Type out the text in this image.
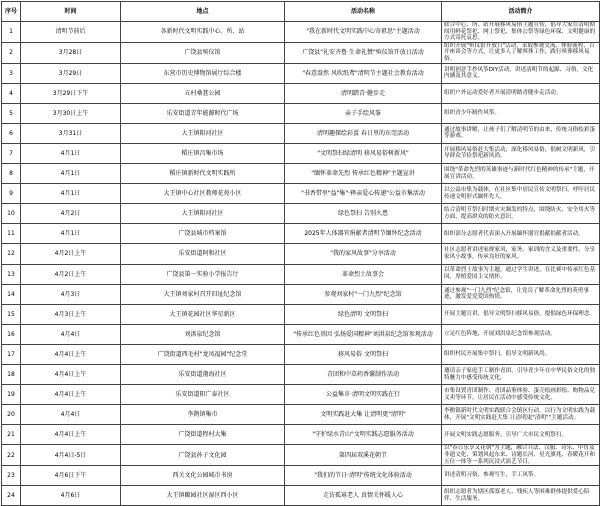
序号	时间	地点	活动名称	活动简介
1	清明节前后	各新时代文明实践中心、所、站	"我在新时代文明实践中心寄祖思"主题活动	联合中心、所、站开展移风易俗主题宣传，倡导大家在清明期间用鲜花祭祀、网上祭祀、集体公祭等绿色环保、文明健康的方式寄托哀思。
2	3月28日	广饶县殡仪馆	广饶县"礼安齐鲁 生命礼赞"殡仪馆开放日活动	组织开展"殡仪馆开放日"活动，采取参观交流、体验流程、召开座谈会等方式，让更多人了解殡葬工作，践行殡葬移风易俗。
3	3月29日	东营市历史博物馆展厅综合楼	"春意盎然 风吹纸鸢"清明节主题社会教育活动	讲明创意手抄风筝DIY活动，讲述清明节的起源、习俗，文化内涵及其意义。
4	3月29日下午	五村桑葚公园	清明踏青·健步走	组织户外运动爱好者开展清明踏青健步走活动。
5	3月30日上午	乐安街道青年能源时代广场	亲子手绘风筝	组织青少年制作风筝。
6	3月31日	大王镇阳河社区	清明趣探绘彩蛋 春日里的东莞活动	通过故事讲解，让孩子们了解清明节的由来，传统习俗绘彩蛋等游戏。
7	4月1日	稻庄镇昌集市场	"文明祭扫绿清明 移风易俗树新风"	开展移风易俗赶大集活动，深化移风易俗，倡树文明新风，引导群众节俭祭祀新风尚。
8	4月1日	稻庄镇新时代文明实践所	"缅怀革命先烈 传承红色精神"主题宣讲	围绕"革命先烈的英雄事迹与新时代红色精神的传承"主题，开展宣讲活动。
9	4月1日	大王镇中心社区教师花苑小区	"书香带里"益"集"·释亲爱心传递"公益市集活动	以公益市集为载体，在社区集中居民宣传文明祭扫，呼吁居民传递文明形式缅怀先人。
10	4月2日	大王镇阳河社区	绿色祭扫 告别火患	结合清明节祭扫时期火灾频发的特点，围绕防火、安全用火等方面，提高群众的防火意识。
11	4月1日	广饶县城市档案馆	2025年人体器官捐献者清明节缅怀纪念活动	组织部分志愿者代表深入开展缅怀器官捐献捐献者活动。
12	4月2日上午	乐安街道阿和社区	"我的家风故事"分享活动	社区志愿者讲述家规家风，家务、家训的含义及重要性，分享家风小故事，传承良好的家风。
13	4月2日上午	广饶县第一实验小学报告厅	革命烈士故事会	以革命烈士故事为主题，通过学生讲述，在比赛中传承红色基因，厚植爱国主义情怀。
14	4月3日	大王镇刘家村召开旧址纪念馆	参观刘家村"一门九烈"纪念馆	通过参观"一门九烈"纪念馆，让党员了解革命先烈的英勇事迹，激发爱党爱国热情。
15	4月3日上午	大王镇花园社区华星新区	绿色清明 文明祭扫	开展主题宣讲，倡导文明祭扫移风易俗，提倡绿色环保理念。
16	4月4日	刘洪泉纪念馆	"传承红色基因 弘扬爱国精神"刘洪泉纪念馆参观活动	立足红色阵地，开展刘洪泉纪念馆参观活动。
17	4月4日上午	广饶街道西毛村"龙凤福园"纪念堂	移风易俗 文明祭扫	组织村民开展集中祭扫，倡导文明新风尚。
18	4月4日上午	乐安街道渤海社区	青团和中草药香囊制作活动	邀请亲子家庭手工制作青团，引导青少年在中华民俗文化的独特魅力中感受传统文化。
19	4月4日上午	乐安街道阳广泰社区	公益集市·清明文明实践在行	市集设置青团制作、青团品鉴体验、蛋壳绘画彩绘、购物品兑义卖等环节，让居民在活动中感受传统文化。
20	4月4日	李鹊镇集市	文明实践赶大集 让清明更"清明"	李鹊镇新时代文明实践联合会镇区行动，以行为文明实践为载体，开展"文明实践赶大集 让清明更"清明""主题活动。
21	4月4日上午	广饶街道程村大集	"守护绿水青山"文明实践志愿服务活动	开展文明实践志愿服务，引导广大市民文明祭扫。
22	4月4日-5日	广饶县孙子文化园	第四届双溪花朝节	以"春日乐享又花朝"为主题，融合兵法、汉服、诗乐、甲胄及非遗文化、策划风起东来、诗题长河、星光旗兆、春暖花开和五位一体等一系列沉浸式演艺节目。
23	4月6日下午	西关文化公园城市书房	"我们的节日·清明"传统文化体验活动	讲述清明习俗，参观写生，手工风筝。
24	4月6日	大王镇颐园社区湿区西小区	走访孤寡老人 真情关怀暖人心	组织志愿者为辖区孤寡老人、残疾人等困难群体提供爱心陪伴、生活服务。
